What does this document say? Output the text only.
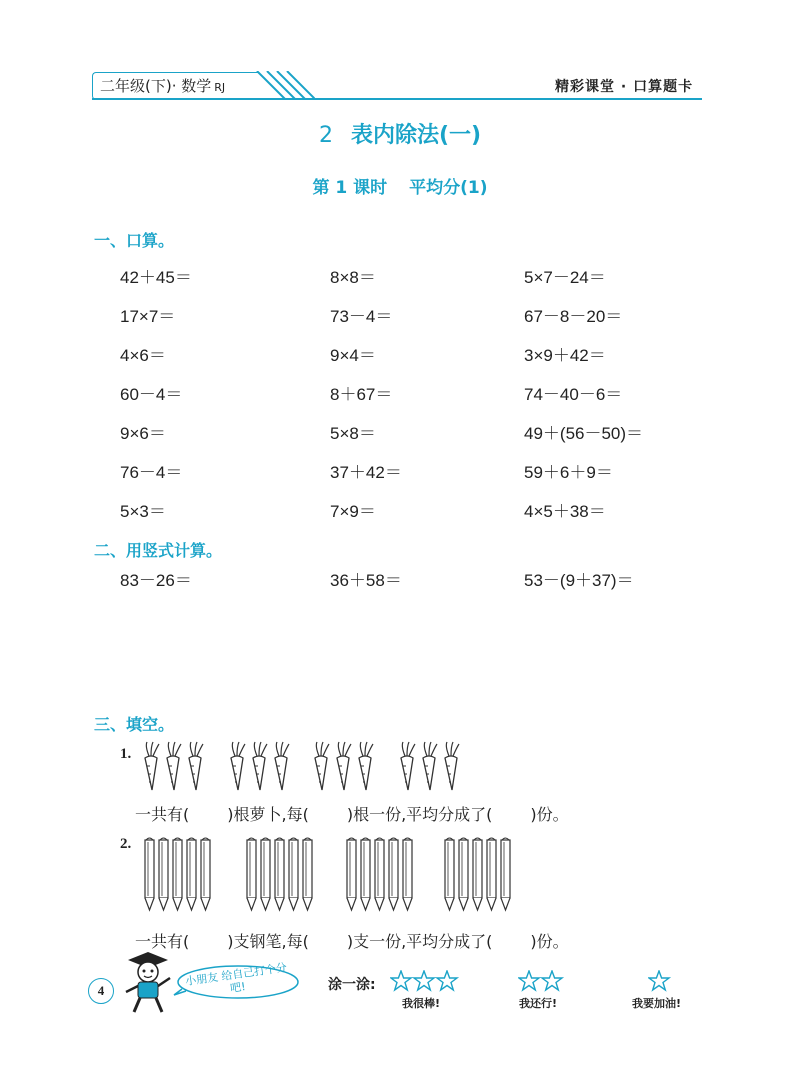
二年级(下)· 数学 RJ	精彩课堂 · 口算题卡
2 表内除法(一)
第 1 课时 平均分(1)
一、口算。
42＋45＝	8×8＝	5×7－24＝
17×7＝	73－4＝	67－8－20＝
4×6＝	9×4＝	3×9＋42＝
60－4＝	8＋67＝	74－40－6＝
9×6＝	5×8＝	49＋(56－50)＝
76－4＝	37＋42＝	59＋6＋9＝
5×3＝	7×9＝	4×5＋38＝
二、用竖式计算。
83－26＝	36＋58＝	53－(9＋37)＝
三、填空。
1.
一共有( )根萝卜,每( )根一份,平均分成了( )份。
2.
一共有( )支钢笔,每( )支一份,平均分成了( )份。
4
小朋友 给自己打个分吧!	涂一涂:
我很棒!	我还行!	我要加油!
